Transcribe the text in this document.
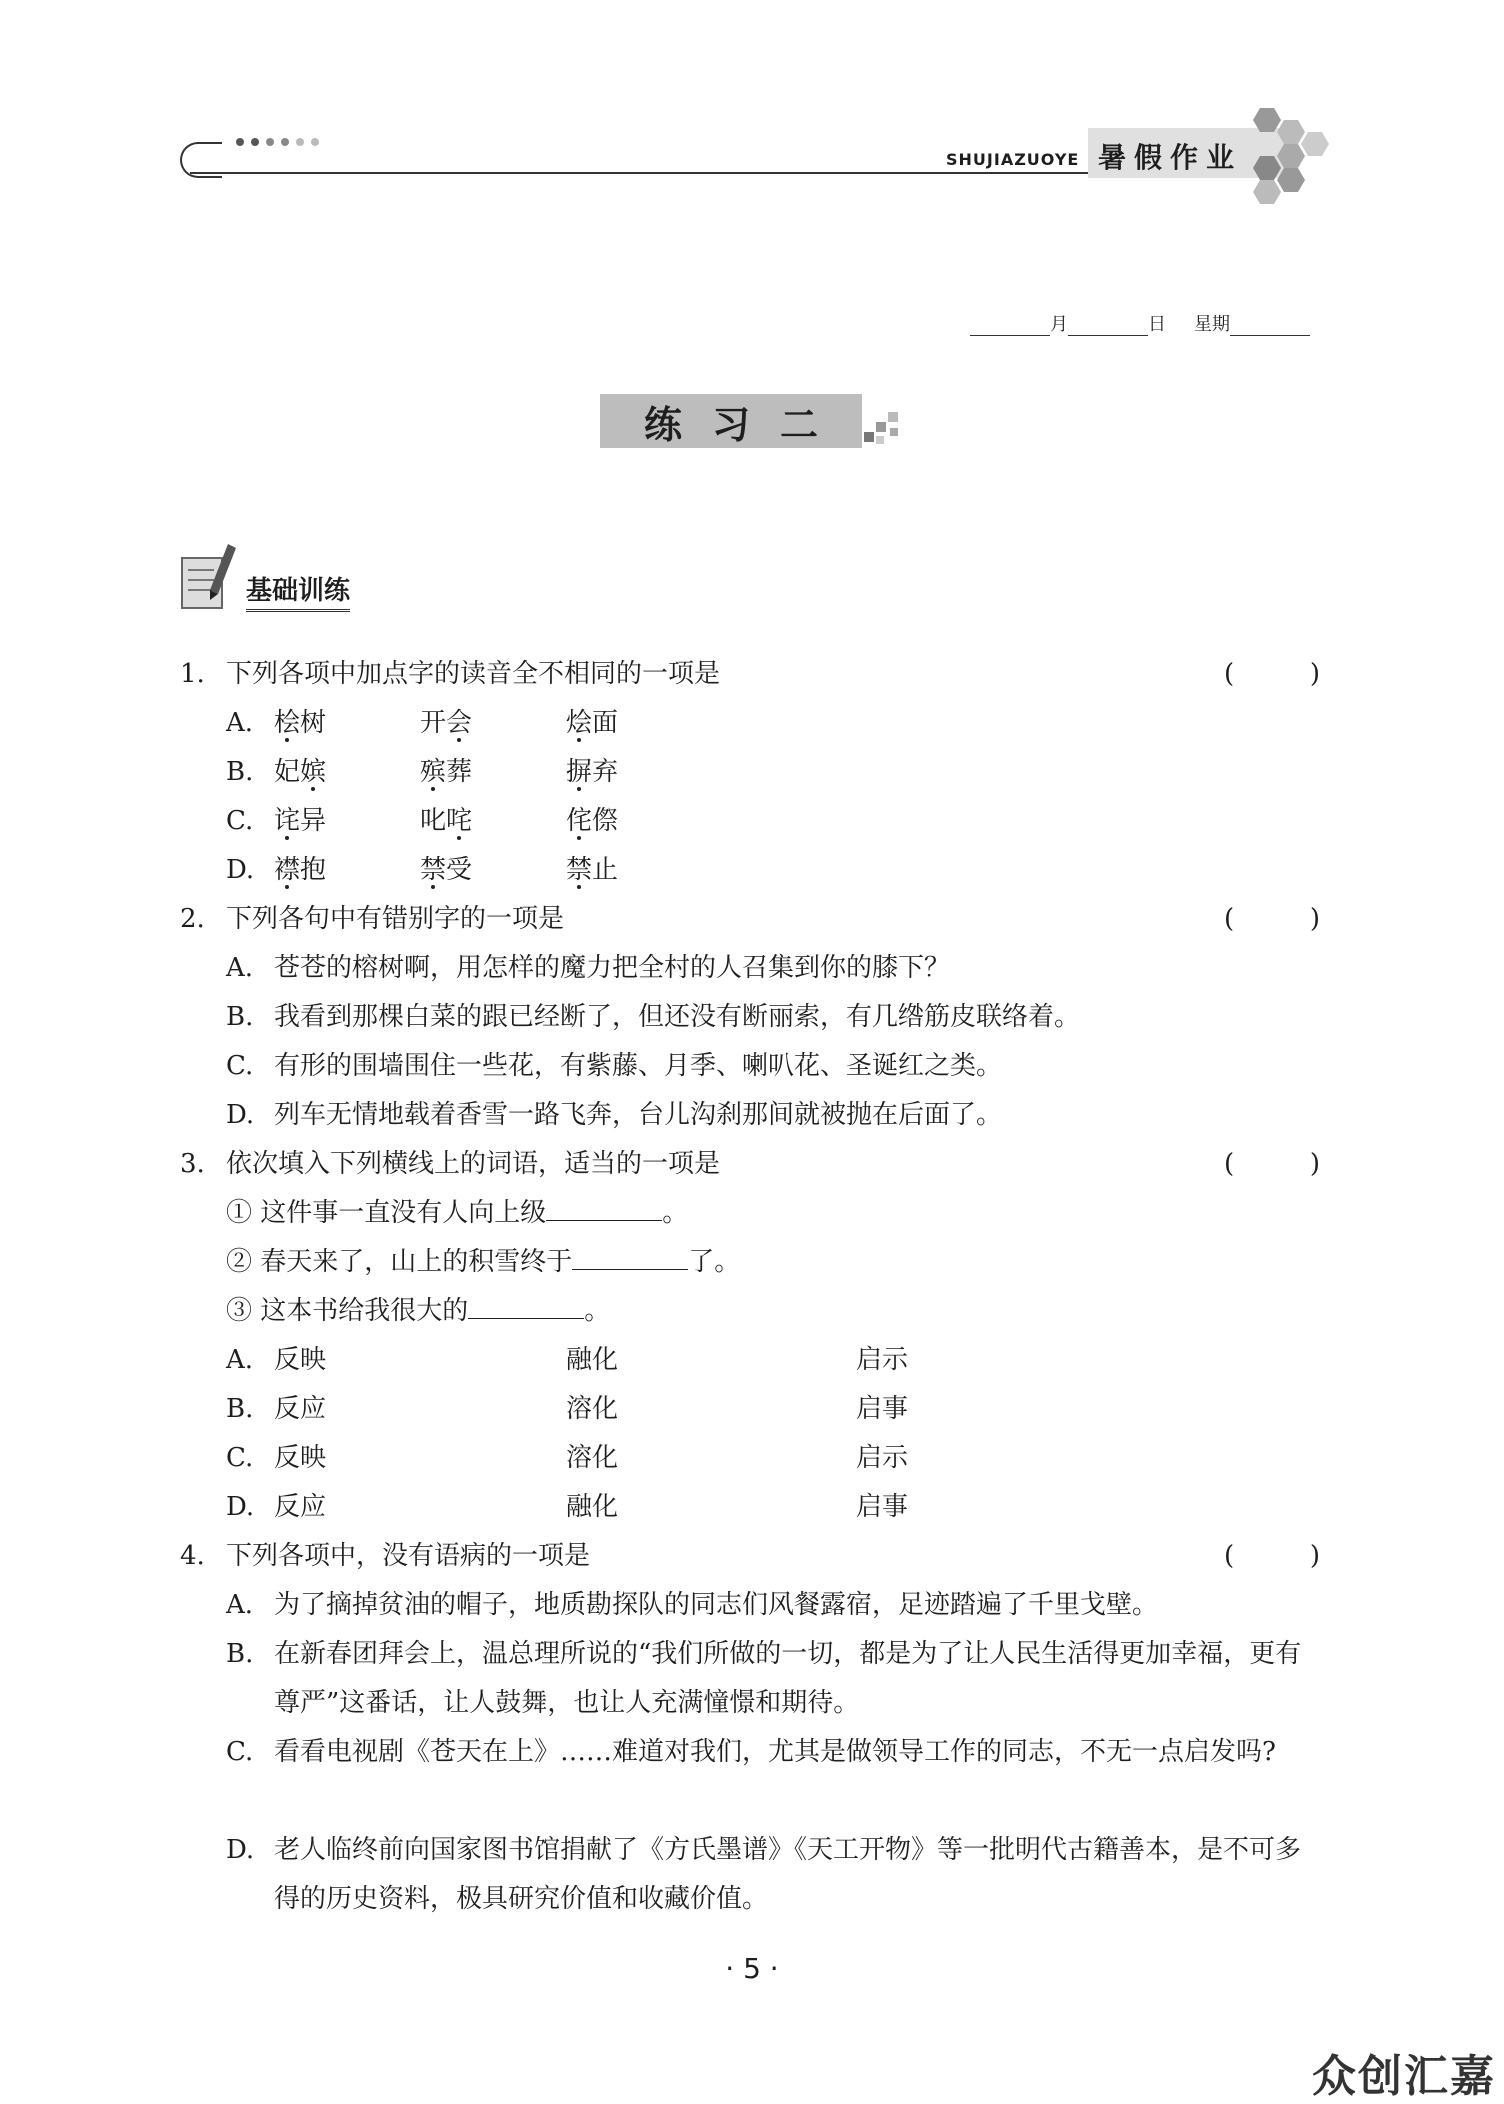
SHUJIAZUOYE 暑假作业
月	日 星期
练习二
基础训练
1. 下列各项中加点字的读音全不相同的一项是	(	)
A. 桧树	开会	烩面
B. 妃嫔	殡葬	摒弃
C. 诧异	叱咤	侘傺
D. 襟抱	禁受	禁止
2. 下列各句中有错别字的一项是	(	)
A. 苍苍的榕树啊，用怎样的魔力把全村的人召集到你的膝下？
B. 我看到那棵白菜的跟已经断了，但还没有断丽索，有几绺筋皮联络着。
C. 有形的围墙围住一些花，有紫藤、月季、喇叭花、圣诞红之类。
D. 列车无情地载着香雪一路飞奔，台儿沟刹那间就被抛在后面了。
3. 依次填入下列横线上的词语，适当的一项是	(	)
① 这件事一直没有人向上级	。
② 春天来了，山上的积雪终于	了。
③ 这本书给我很大的	。
A. 反映	融化	启示
B. 反应	溶化	启事
C. 反映	溶化	启示
D. 反应	融化	启事
4. 下列各项中，没有语病的一项是	(	)
A. 为了摘掉贫油的帽子，地质勘探队的同志们风餐露宿，足迹踏遍了千里戈壁。
B. 在新春团拜会上，温总理所说的“我们所做的一切，都是为了让人民生活得更加幸福，更有尊严”这番话，让人鼓舞，也让人充满憧憬和期待。
C. 看看电视剧《苍天在上》……难道对我们，尤其是做领导工作的同志，不无一点启发吗?
D. 老人临终前向国家图书馆捐献了《方氏墨谱》《天工开物》等一批明代古籍善本，是不可多得的历史资料，极具研究价值和收藏价值。
· 5 ·
众创汇嘉
